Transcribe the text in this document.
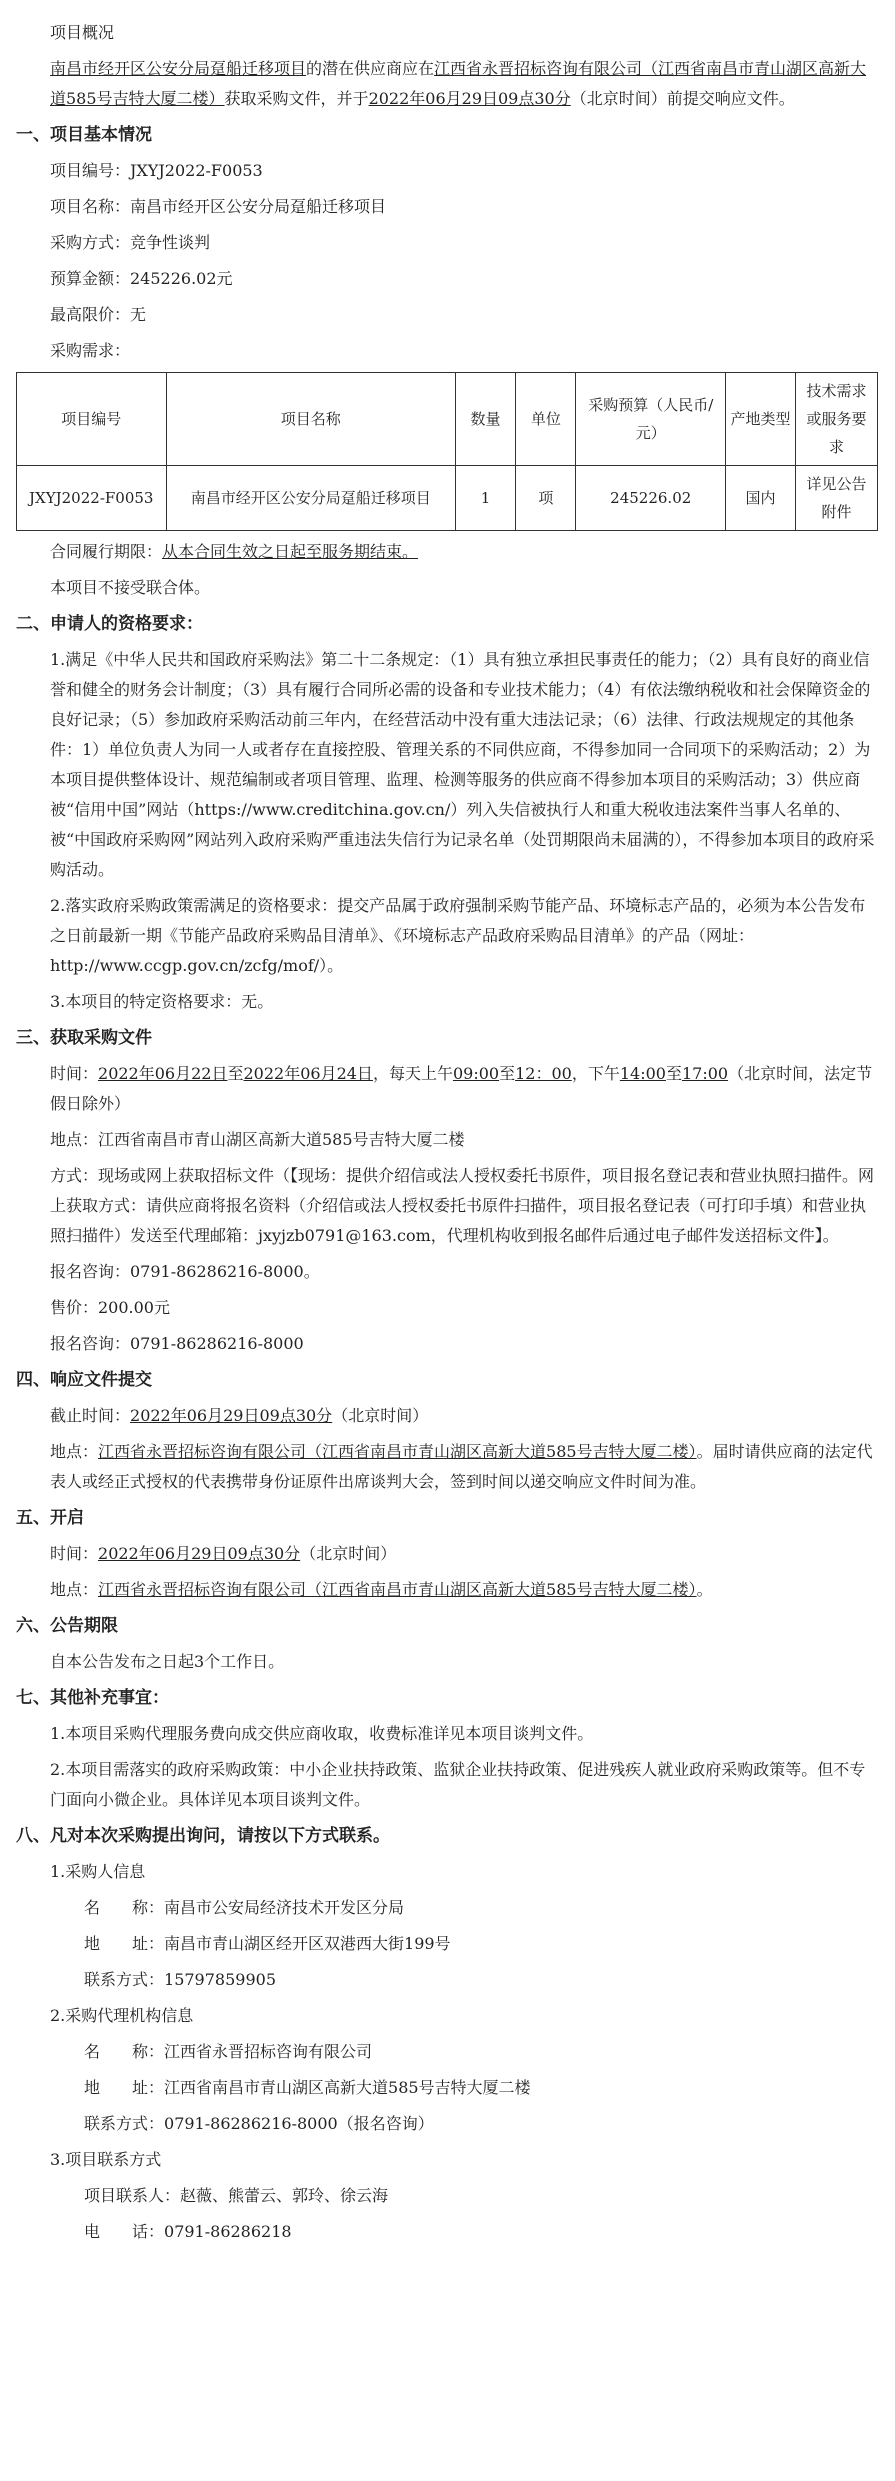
项目概况

南昌市经开区公安分局趸船迁移项目的潜在供应商应在江西省永晋招标咨询有限公司（江西省南昌市青山湖区高新大道585号吉特大厦二楼）获取采购文件，并于2022年06月29日09点30分（北京时间）前提交响应文件。

一、项目基本情况

项目编号：JXYJ2022-F0053

项目名称：南昌市经开区公安分局趸船迁移项目

采购方式：竞争性谈判

预算金额：245226.02元

最高限价：无

采购需求：

项目编号	项目名称	数量	单位	采购预算（人民币/元）	产地类型	技术需求或服务要求
JXYJ2022-F0053	南昌市经开区公安分局趸船迁移项目	1	项	245226.02	国内	详见公告附件

合同履行期限：从本合同生效之日起至服务期结束。

本项目不接受联合体。

二、申请人的资格要求：

1.满足《中华人民共和国政府采购法》第二十二条规定：（1）具有独立承担民事责任的能力；（2）具有良好的商业信誉和健全的财务会计制度；（3）具有履行合同所必需的设备和专业技术能力；（4）有依法缴纳税收和社会保障资金的良好记录；（5）参加政府采购活动前三年内，在经营活动中没有重大违法记录；（6）法律、行政法规规定的其他条件：1）单位负责人为同一人或者存在直接控股、管理关系的不同供应商，不得参加同一合同项下的采购活动；2）为本项目提供整体设计、规范编制或者项目管理、监理、检测等服务的供应商不得参加本项目的采购活动；3）供应商被“信用中国”网站（https://www.creditchina.gov.cn/）列入失信被执行人和重大税收违法案件当事人名单的、被“中国政府采购网”网站列入政府采购严重违法失信行为记录名单（处罚期限尚未届满的），不得参加本项目的政府采购活动。

2.落实政府采购政策需满足的资格要求：提交产品属于政府强制采购节能产品、环境标志产品的，必须为本公告发布之日前最新一期《节能产品政府采购品目清单》、《环境标志产品政府采购品目清单》的产品（网址：http://www.ccgp.gov.cn/zcfg/mof/）。

3.本项目的特定资格要求：无。

三、获取采购文件

时间：2022年06月22日至2022年06月24日，每天上午09:00至12：00，下午14:00至17:00（北京时间，法定节假日除外）

地点：江西省南昌市青山湖区高新大道585号吉特大厦二楼

方式：现场或网上获取招标文件（【现场：提供介绍信或法人授权委托书原件，项目报名登记表和营业执照扫描件。网上获取方式：请供应商将报名资料（介绍信或法人授权委托书原件扫描件，项目报名登记表（可打印手填）和营业执照扫描件）发送至代理邮箱：jxyjzb0791@163.com，代理机构收到报名邮件后通过电子邮件发送招标文件】。

报名咨询：0791-86286216-8000。

售价：200.00元

报名咨询：0791-86286216-8000

四、响应文件提交

截止时间：2022年06月29日09点30分（北京时间）

地点：江西省永晋招标咨询有限公司（江西省南昌市青山湖区高新大道585号吉特大厦二楼）。届时请供应商的法定代表人或经正式授权的代表携带身份证原件出席谈判大会，签到时间以递交响应文件时间为准。

五、开启

时间：2022年06月29日09点30分（北京时间）

地点：江西省永晋招标咨询有限公司（江西省南昌市青山湖区高新大道585号吉特大厦二楼）。

六、公告期限

自本公告发布之日起3个工作日。

七、其他补充事宜：

1.本项目采购代理服务费向成交供应商收取，收费标准详见本项目谈判文件。

2.本项目需落实的政府采购政策：中小企业扶持政策、监狱企业扶持政策、促进残疾人就业政府采购政策等。但不专门面向小微企业。具体详见本项目谈判文件。

八、凡对本次采购提出询问，请按以下方式联系。

1.采购人信息

名　　称：南昌市公安局经济技术开发区分局

地　　址：南昌市青山湖区经开区双港西大街199号

联系方式：15797859905

2.采购代理机构信息

名　　称：江西省永晋招标咨询有限公司

地　　址：江西省南昌市青山湖区高新大道585号吉特大厦二楼

联系方式：0791-86286216-8000（报名咨询）

3.项目联系方式

项目联系人：赵薇、熊蕾云、郭玲、徐云海

电　　话：0791-86286218
